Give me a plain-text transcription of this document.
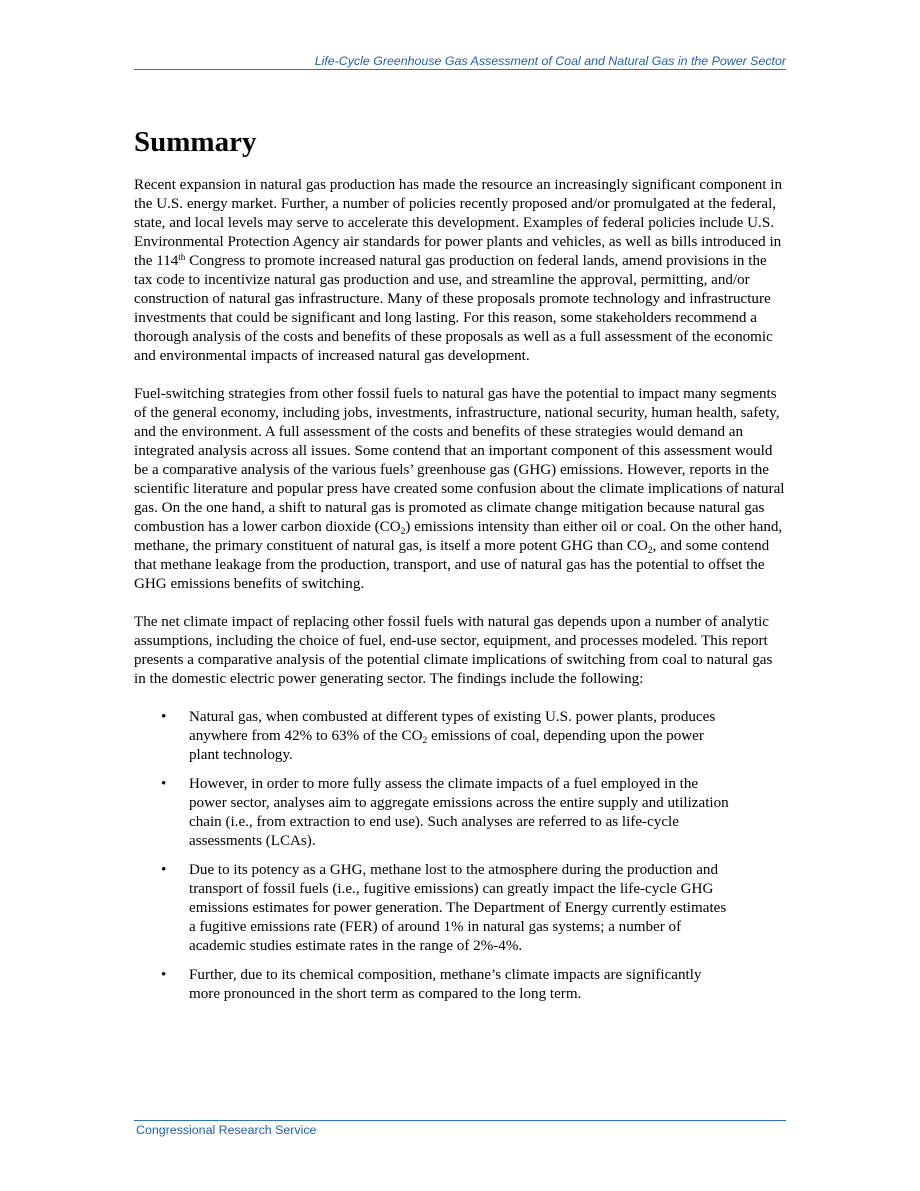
Life-Cycle Greenhouse Gas Assessment of Coal and Natural Gas in the Power Sector
Summary

Recent expansion in natural gas production has made the resource an increasingly significant component in the U.S. energy market. Further, a number of policies recently proposed and/or promulgated at the federal, state, and local levels may serve to accelerate this development. Examples of federal policies include U.S. Environmental Protection Agency air standards for power plants and vehicles, as well as bills introduced in the 114th Congress to promote increased natural gas production on federal lands, amend provisions in the tax code to incentivize natural gas production and use, and streamline the approval, permitting, and/or construction of natural gas infrastructure. Many of these proposals promote technology and infrastructure investments that could be significant and long lasting. For this reason, some stakeholders recommend a thorough analysis of the costs and benefits of these proposals as well as a full assessment of the economic and environmental impacts of increased natural gas development.

Fuel-switching strategies from other fossil fuels to natural gas have the potential to impact many segments of the general economy, including jobs, investments, infrastructure, national security, human health, safety, and the environment. A full assessment of the costs and benefits of these strategies would demand an integrated analysis across all issues. Some contend that an important component of this assessment would be a comparative analysis of the various fuels’ greenhouse gas (GHG) emissions. However, reports in the scientific literature and popular press have created some confusion about the climate implications of natural gas. On the one hand, a shift to natural gas is promoted as climate change mitigation because natural gas combustion has a lower carbon dioxide $(CO_2)$ emissions intensity than either oil or coal. On the other hand, methane, the primary constituent of natural gas, is itself a more potent GHG than $CO_2$, and some contend that methane leakage from the production, transport, and use of natural gas has the potential to offset the GHG emissions benefits of switching.

The net climate impact of replacing other fossil fuels with natural gas depends upon a number of analytic assumptions, including the choice of fuel, end-use sector, equipment, and processes modeled. This report presents a comparative analysis of the potential climate implications of switching from coal to natural gas in the domestic electric power generating sector. The findings include the following:

• Natural gas, when combusted at different types of existing U.S. power plants, produces anywhere from 42% to 63% of the $CO_2$ emissions of coal, depending upon the power plant technology.
• However, in order to more fully assess the climate impacts of a fuel employed in the power sector, analyses aim to aggregate emissions across the entire supply and utilization chain (i.e., from extraction to end use). Such analyses are referred to as life-cycle assessments (LCAs).
• Due to its potency as a GHG, methane lost to the atmosphere during the production and transport of fossil fuels (i.e., fugitive emissions) can greatly impact the life-cycle GHG emissions estimates for power generation. The Department of Energy currently estimates a fugitive emissions rate (FER) of around 1% in natural gas systems; a number of academic studies estimate rates in the range of 2%-4%.
• Further, due to its chemical composition, methane’s climate impacts are significantly more pronounced in the short term as compared to the long term.
Congressional Research Service
